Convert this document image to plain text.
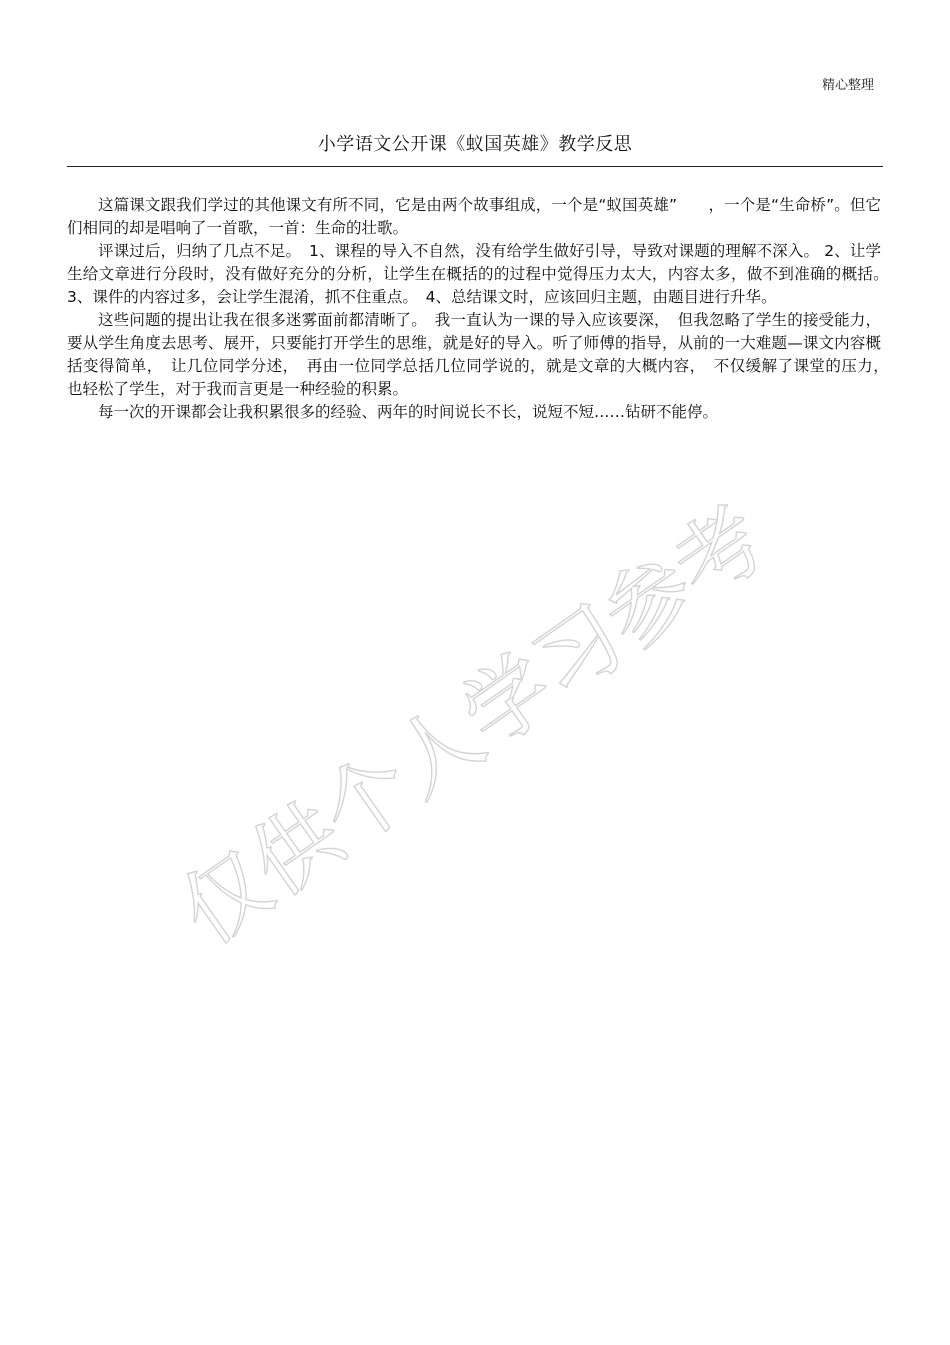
精心整理
小学语文公开课《蚁国英雄》教学反思

这篇课文跟我们学过的其他课文有所不同，它是由两个故事组成，一个是“蚁国英雄”　　，一个是“生命桥”。但它们相同的却是唱响了一首歌，一首：生命的壮歌。

评课过后，归纳了几点不足。　1、课程的导入不自然，没有给学生做好引导，导致对课题的理解不深入。 2、让学生给文章进行分段时，没有做好充分的分析，让学生在概括的的过程中觉得压力太大，内容太多，做不到准确的概括。　3、课件的内容过多，会让学生混淆，抓不住重点。　4、总结课文时，应该回归主题，由题目进行升华。

这些问题的提出让我在很多迷雾面前都清晰了。　我一直认为一课的导入应该要深，　但我忽略了学生的接受能力，要从学生角度去思考、展开，只要能打开学生的思维，就是好的导入。听了师傅的指导，从前的一大难题—课文内容概括变得简单，　让几位同学分述，　再由一位同学总括几位同学说的，就是文章的大概内容，　不仅缓解了课堂的压力，　也轻松了学生，对于我而言更是一种经验的积累。

每一次的开课都会让我积累很多的经验、两年的时间说长不长，说短不短……钻研不能停。

仅供个人学习参考
